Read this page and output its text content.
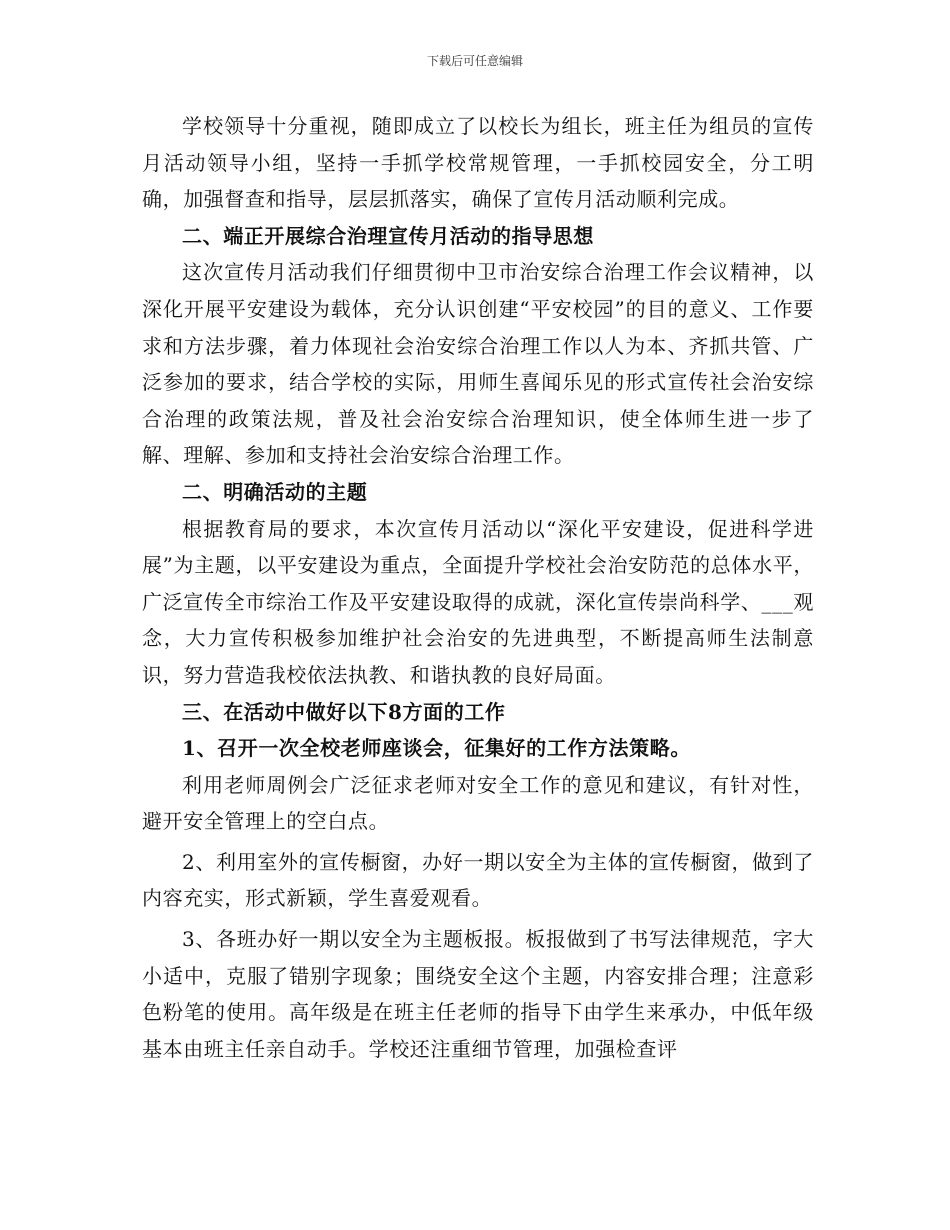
下载后可任意编辑

学校领导十分重视，随即成立了以校长为组长，班主任为组员的宣传月活动领导小组，坚持一手抓学校常规管理，一手抓校园安全，分工明确，加强督查和指导，层层抓落实，确保了宣传月活动顺利完成。

二、端正开展综合治理宣传月活动的指导思想

这次宣传月活动我们仔细贯彻中卫市治安综合治理工作会议精神，以深化开展平安建设为载体，充分认识创建“平安校园”的目的意义、工作要求和方法步骤，着力体现社会治安综合治理工作以人为本、齐抓共管、广泛参加的要求，结合学校的实际，用师生喜闻乐见的形式宣传社会治安综合治理的政策法规，普及社会治安综合治理知识，使全体师生进一步了解、理解、参加和支持社会治安综合治理工作。

二、明确活动的主题

根据教育局的要求，本次宣传月活动以“深化平安建设，促进科学进展”为主题，以平安建设为重点，全面提升学校社会治安防范的总体水平，广泛宣传全市综治工作及平安建设取得的成就，深化宣传崇尚科学、___观念，大力宣传积极参加维护社会治安的先进典型，不断提高师生法制意识，努力营造我校依法执教、和谐执教的良好局面。

三、在活动中做好以下8方面的工作

1、召开一次全校老师座谈会，征集好的工作方法策略。

利用老师周例会广泛征求老师对安全工作的意见和建议，有针对性，避开安全管理上的空白点。

2、利用室外的宣传橱窗，办好一期以安全为主体的宣传橱窗，做到了内容充实，形式新颖，学生喜爱观看。

3、各班办好一期以安全为主题板报。板报做到了书写法律规范，字大小适中，克服了错别字现象；围绕安全这个主题，内容安排合理；注意彩色粉笔的使用。高年级是在班主任老师的指导下由学生来承办，中低年级基本由班主任亲自动手。学校还注重细节管理，加强检查评
